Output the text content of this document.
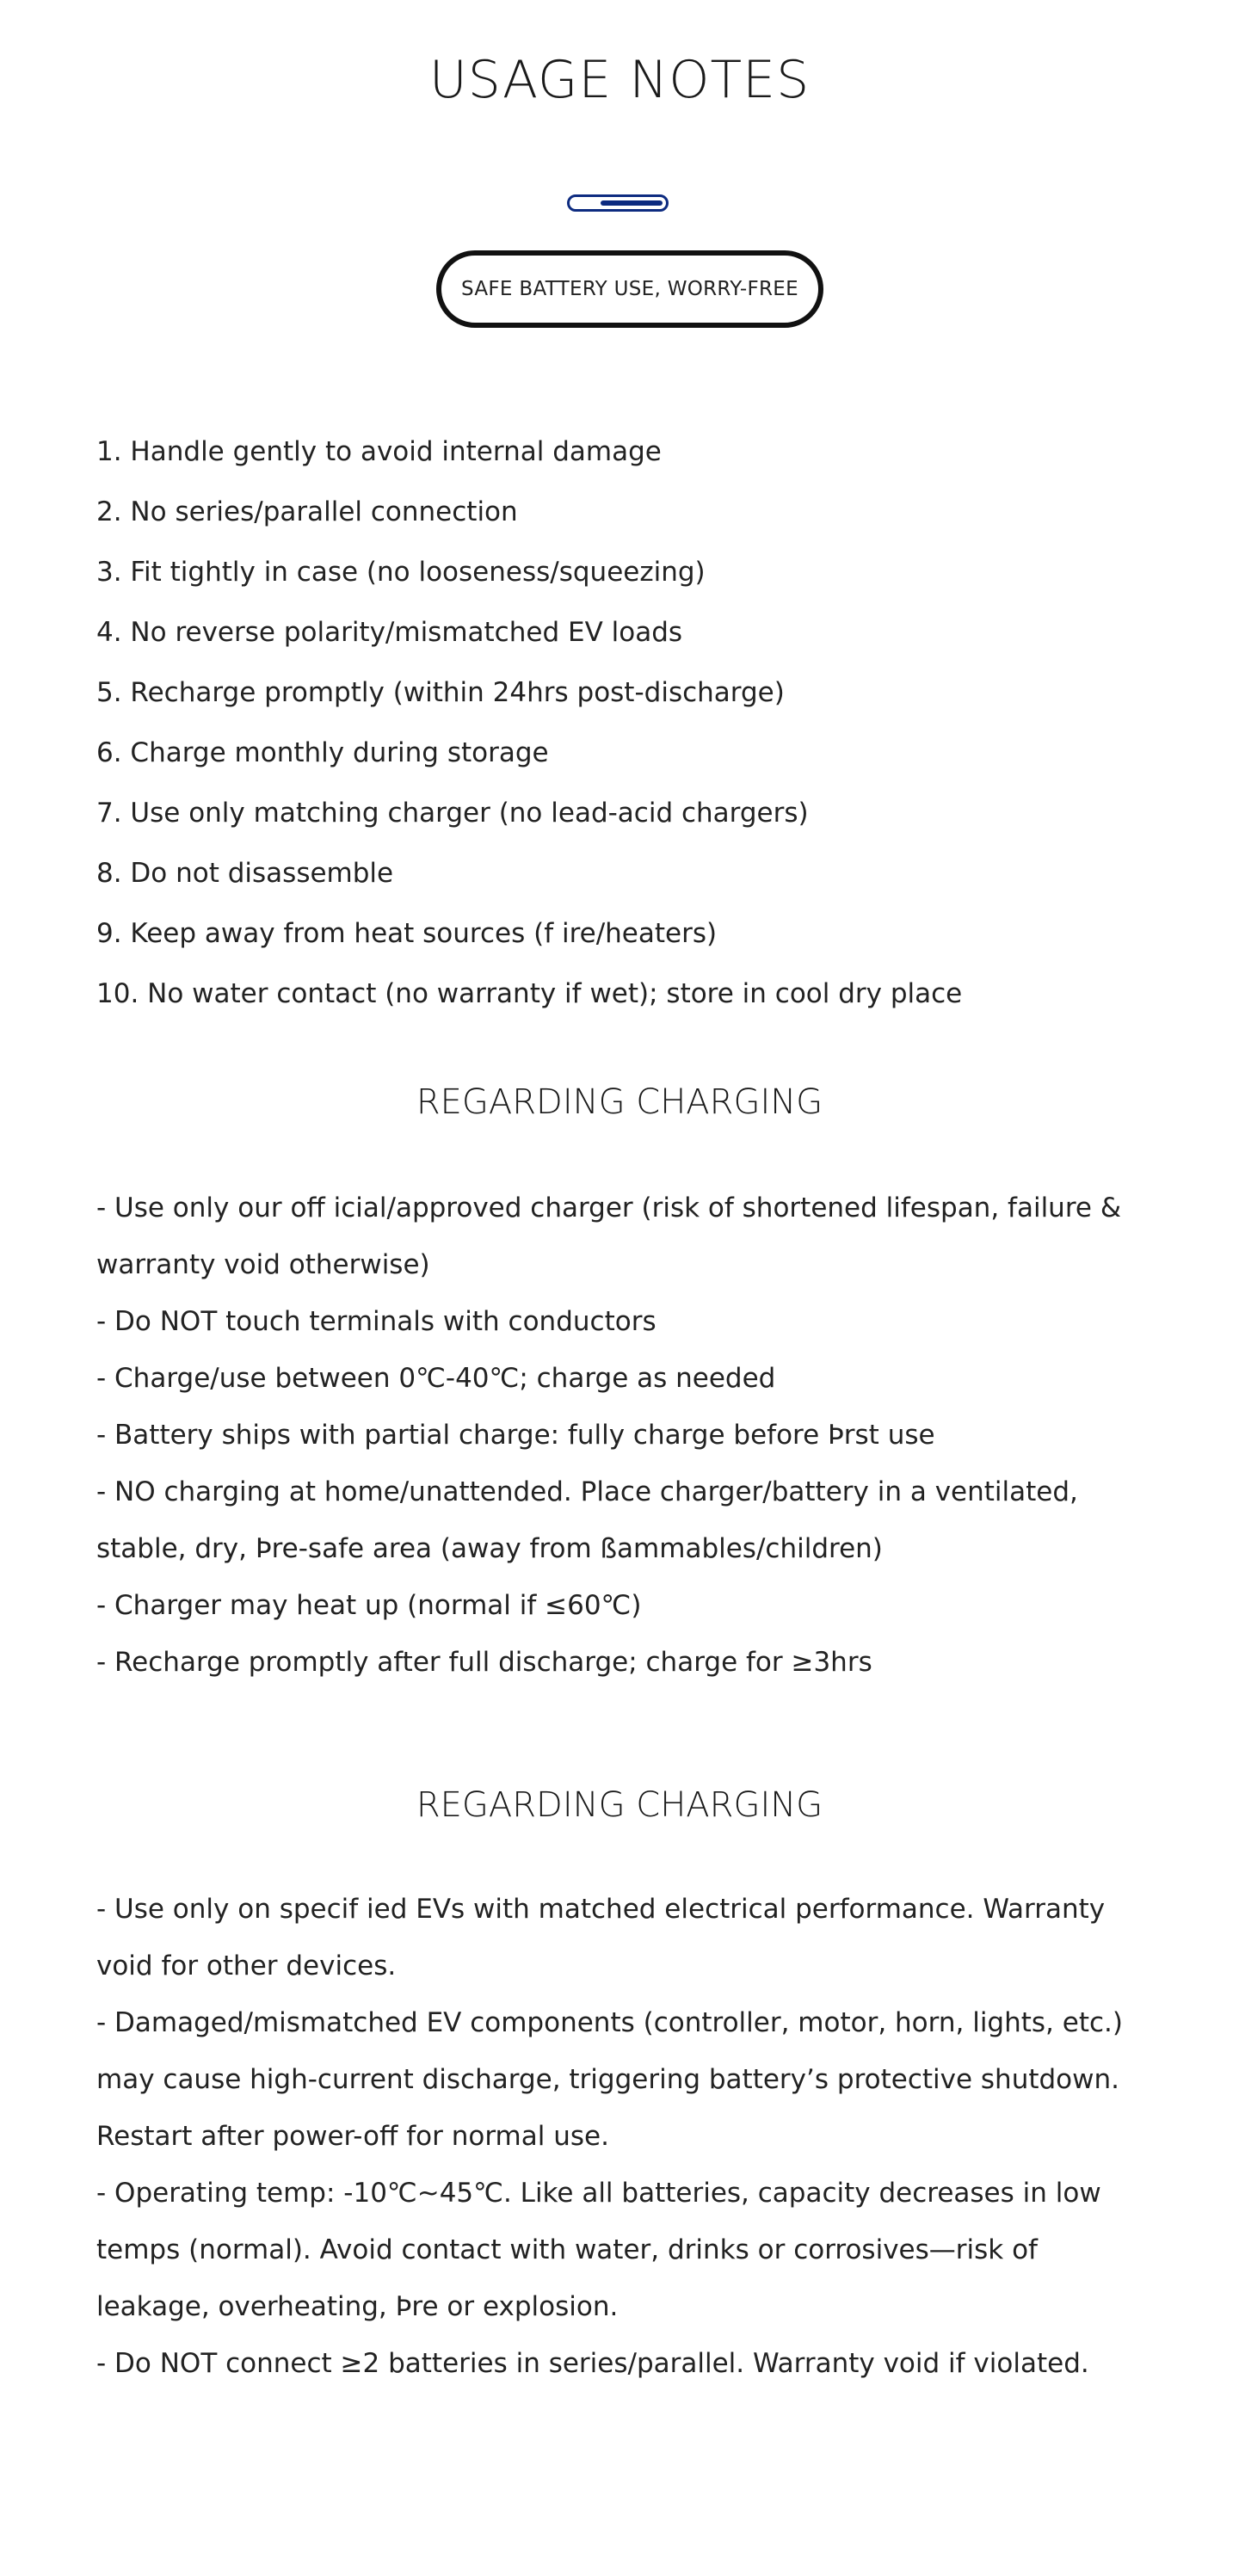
USAGE NOTES
SAFE BATTERY USE, WORRY-FREE
1. Handle gently to avoid internal damage
2. No series/parallel connection
3. Fit tightly in case (no looseness/squeezing)
4. No reverse polarity/mismatched EV loads
5. Recharge promptly (within 24hrs post-discharge)
6. Charge monthly during storage
7. Use only matching charger (no lead-acid chargers)
8. Do not disassemble
9. Keep away from heat sources (f ire/heaters)
10. No water contact (no warranty if wet); store in cool dry place
REGARDING CHARGING
- Use only our off icial/approved charger (risk of shortened lifespan, failure & warranty void otherwise)
- Do NOT touch terminals with conductors
- Charge/use between 0℃-40℃; charge as needed
- Battery ships with partial charge: fully charge before Þrst use
- NO charging at home/unattended. Place charger/battery in a ventilated, stable, dry, Þre-safe area (away from ßammables/children)
- Charger may heat up (normal if ≤60℃)
- Recharge promptly after full discharge; charge for ≥3hrs
REGARDING CHARGING
- Use only on specif ied EVs with matched electrical performance. Warranty void for other devices.
- Damaged/mismatched EV components (controller, motor, horn, lights, etc.) may cause high-current discharge, triggering battery’s protective shutdown. Restart after power-off for normal use.
- Operating temp: -10℃~45℃. Like all batteries, capacity decreases in low temps (normal). Avoid contact with water, drinks or corrosives—risk of leakage, overheating, Þre or explosion.
- Do NOT connect ≥2 batteries in series/parallel. Warranty void if violated.
